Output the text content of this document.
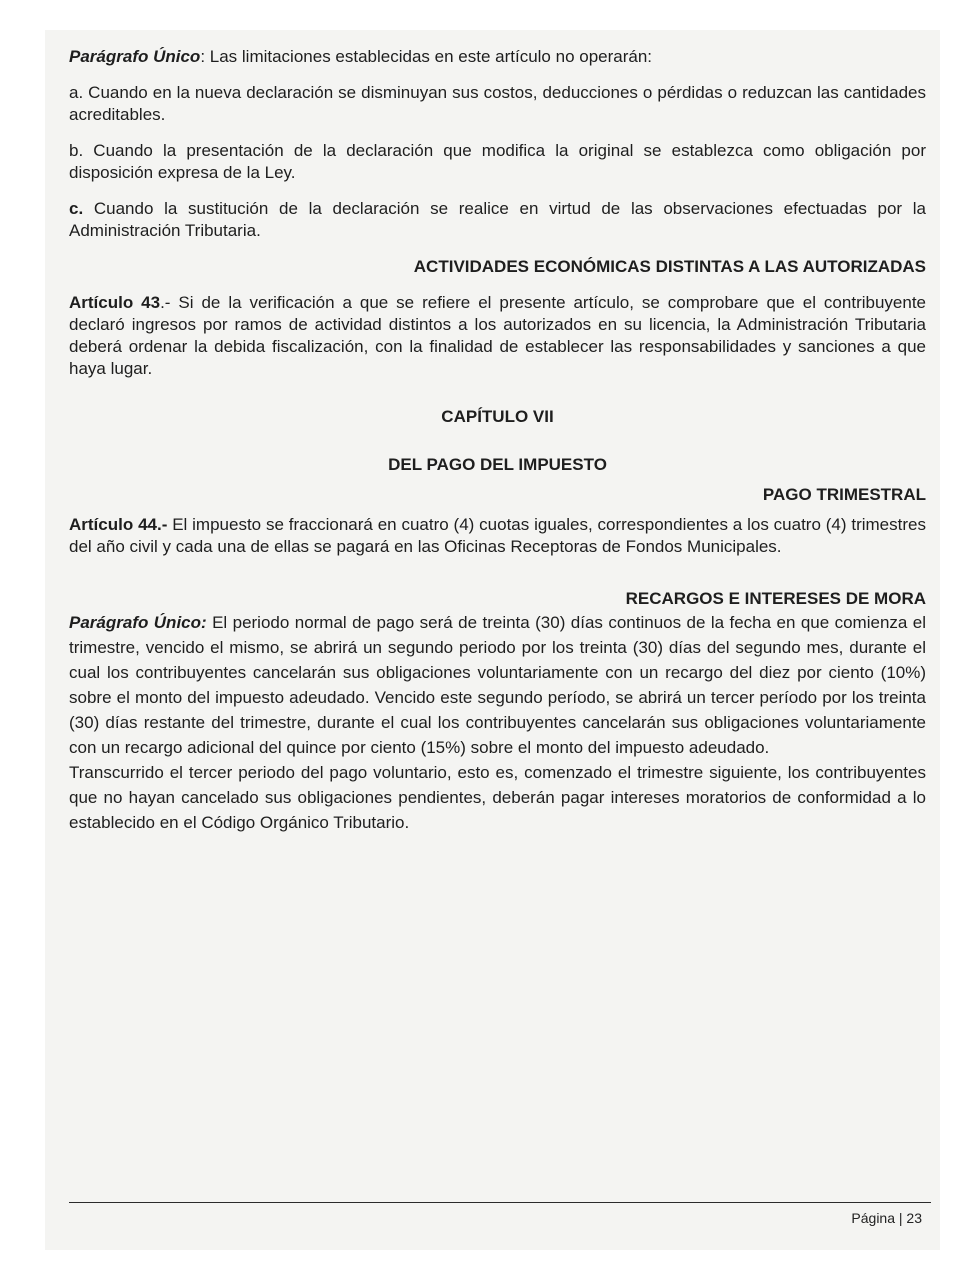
Parágrafo Único: Las limitaciones establecidas en este artículo no operarán:

a. Cuando en la nueva declaración se disminuyan sus costos, deducciones o pérdidas o reduzcan las cantidades acreditables.

b. Cuando la presentación de la declaración que modifica la original se establezca como obligación por disposición expresa de la Ley.

c. Cuando la sustitución de la declaración se realice en virtud de las observaciones efectuadas por la Administración Tributaria.

ACTIVIDADES ECONÓMICAS DISTINTAS A LAS AUTORIZADAS

Artículo 43.- Si de la verificación a que se refiere el presente artículo, se comprobare que el contribuyente declaró ingresos por ramos de actividad distintos a los autorizados en su licencia, la Administración Tributaria deberá ordenar la debida fiscalización, con la finalidad de establecer las responsabilidades y sanciones a que haya lugar.

CAPÍTULO VII

DEL PAGO DEL IMPUESTO

PAGO TRIMESTRAL

Artículo 44.- El impuesto se fraccionará en cuatro (4) cuotas iguales, correspondientes a los cuatro (4) trimestres del año civil y cada una de ellas se pagará en las Oficinas Receptoras de Fondos Municipales.

RECARGOS E INTERESES DE MORA

Parágrafo Único: El periodo normal de pago será de treinta (30) días continuos de la fecha en que comienza el trimestre, vencido el mismo, se abrirá un segundo periodo por los treinta (30) días del segundo mes, durante el cual los contribuyentes cancelarán sus obligaciones voluntariamente con un recargo del diez por ciento (10%) sobre el monto del impuesto adeudado. Vencido este segundo período, se abrirá un tercer período por los treinta (30) días restante del trimestre, durante el cual los contribuyentes cancelarán sus obligaciones voluntariamente con un recargo adicional del quince por ciento (15%) sobre el monto del impuesto adeudado.

Transcurrido el tercer periodo del pago voluntario, esto es, comenzado el trimestre siguiente, los contribuyentes que no hayan cancelado sus obligaciones pendientes, deberán pagar intereses moratorios de conformidad a lo establecido en el Código Orgánico Tributario.

Página | 23
